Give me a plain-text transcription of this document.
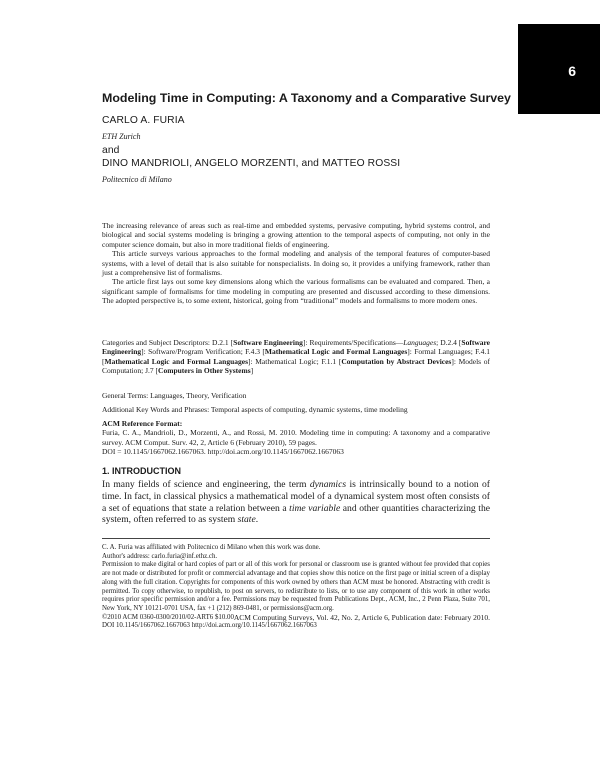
6
Modeling Time in Computing: A Taxonomy and a Comparative Survey
CARLO A. FURIA
ETH Zurich
and
DINO MANDRIOLI, ANGELO MORZENTI, and MATTEO ROSSI
Politecnico di Milano

The increasing relevance of areas such as real-time and embedded systems, pervasive computing, hybrid systems control, and biological and social systems modeling is bringing a growing attention to the temporal aspects of computing, not only in the computer science domain, but also in more traditional fields of engineering.

This article surveys various approaches to the formal modeling and analysis of the temporal features of computer-based systems, with a level of detail that is also suitable for nonspecialists. In doing so, it provides a unifying framework, rather than just a comprehensive list of formalisms.

The article first lays out some key dimensions along which the various formalisms can be evaluated and compared. Then, a significant sample of formalisms for time modeling in computing are presented and discussed according to these dimensions. The adopted perspective is, to some extent, historical, going from “traditional” models and formalisms to more modern ones.

Categories and Subject Descriptors: D.2.1 [Software Engineering]: Requirements/Specifications—Languages; D.2.4 [Software Engineering]: Software/Program Verification; F.4.3 [Mathematical Logic and Formal Languages]: Formal Languages; F.4.1 [Mathematical Logic and Formal Languages]: Mathematical Logic; F.1.1 [Computation by Abstract Devices]: Models of Computation; J.7 [Computers in Other Systems]
General Terms: Languages, Theory, Verification
Additional Key Words and Phrases: Temporal aspects of computing, dynamic systems, time modeling
ACM Reference Format:
Furia, C. A., Mandrioli, D., Morzenti, A., and Rossi, M. 2010. Modeling time in computing: A taxonomy and a comparative survey. ACM Comput. Surv. 42, 2, Article 6 (February 2010), 59 pages.
DOI = 10.1145/1667062.1667063. http://doi.acm.org/10.1145/1667062.1667063
1. INTRODUCTION
In many fields of science and engineering, the term dynamics is intrinsically bound to a notion of time. In fact, in classical physics a mathematical model of a dynamical system most often consists of a set of equations that state a relation between a time variable and other quantities characterizing the system, often referred to as system state.
C. A. Furia was affiliated with Politecnico di Milano when this work was done.
Author's address: carlo.furia@inf.ethz.ch.
Permission to make digital or hard copies of part or all of this work for personal or classroom use is granted without fee provided that copies are not made or distributed for profit or commercial advantage and that copies show this notice on the first page or initial screen of a display along with the full citation. Copyrights for components of this work owned by others than ACM must be honored. Abstracting with credit is permitted. To copy otherwise, to republish, to post on servers, to redistribute to lists, or to use any component of this work in other works requires prior specific permission and/or a fee. Permissions may be requested from Publications Dept., ACM, Inc., 2 Penn Plaza, Suite 701, New York, NY 10121-0701 USA, fax +1 (212) 869-0481, or permissions@acm.org.
©2010 ACM 0360-0300/2010/02-ART6 $10.00
DOI 10.1145/1667062.1667063 http://doi.acm.org/10.1145/1667062.1667063
ACM Computing Surveys, Vol. 42, No. 2, Article 6, Publication date: February 2010.
